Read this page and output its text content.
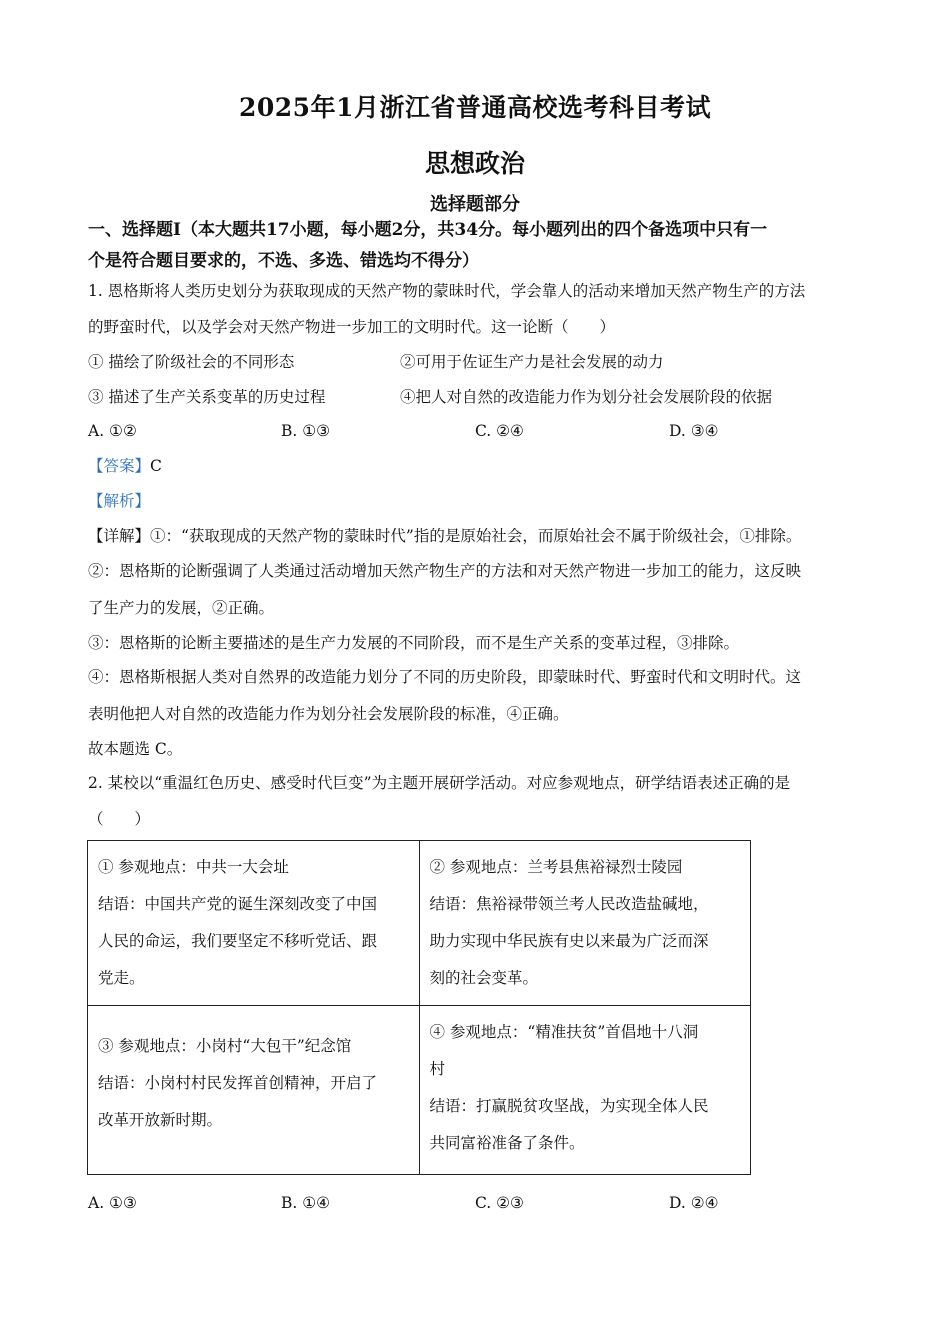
2025年1月浙江省普通高校选考科目考试
思想政治
选择题部分
一、选择题Ⅰ（本大题共17小题，每小题2分，共34分。每小题列出的四个备选项中只有一
个是符合题目要求的，不选、多选、错选均不得分）
1. 恩格斯将人类历史划分为获取现成的天然产物的蒙昧时代，学会靠人的活动来增加天然产物生产的方法
的野蛮时代，以及学会对天然产物进一步加工的文明时代。这一论断（　　）
① 描绘了阶级社会的不同形态	②可用于佐证生产力是社会发展的动力
③ 描述了生产关系变革的历史过程	④把人对自然的改造能力作为划分社会发展阶段的依据
A. ①②	B. ①③	C. ②④	D. ③④
【答案】C
【解析】
【详解】①：“获取现成的天然产物的蒙昧时代”指的是原始社会，而原始社会不属于阶级社会，①排除。
②：恩格斯的论断强调了人类通过活动增加天然产物生产的方法和对天然产物进一步加工的能力，这反映
了生产力的发展，②正确。
③：恩格斯的论断主要描述的是生产力发展的不同阶段，而不是生产关系的变革过程，③排除。
④：恩格斯根据人类对自然界的改造能力划分了不同的历史阶段，即蒙昧时代、野蛮时代和文明时代。这
表明他把人对自然的改造能力作为划分社会发展阶段的标准，④正确。
故本题选 C。
2. 某校以“重温红色历史、感受时代巨变”为主题开展研学活动。对应参观地点，研学结语表述正确的是
（　　）
① 参观地点：中共一大会址
结语：中国共产党的诞生深刻改变了中国
人民的命运，我们要坚定不移听党话、跟
党走。	② 参观地点：兰考县焦裕禄烈士陵园
结语：焦裕禄带领兰考人民改造盐碱地，
助力实现中华民族有史以来最为广泛而深
刻的社会变革。

③ 参观地点：小岗村“大包干”纪念馆
结语：小岗村村民发挥首创精神，开启了
改革开放新时期。	④ 参观地点：“精准扶贫”首倡地十八洞
村
结语：打赢脱贫攻坚战，为实现全体人民
共同富裕准备了条件。
A. ①③	B. ①④	C. ②③	D. ②④
